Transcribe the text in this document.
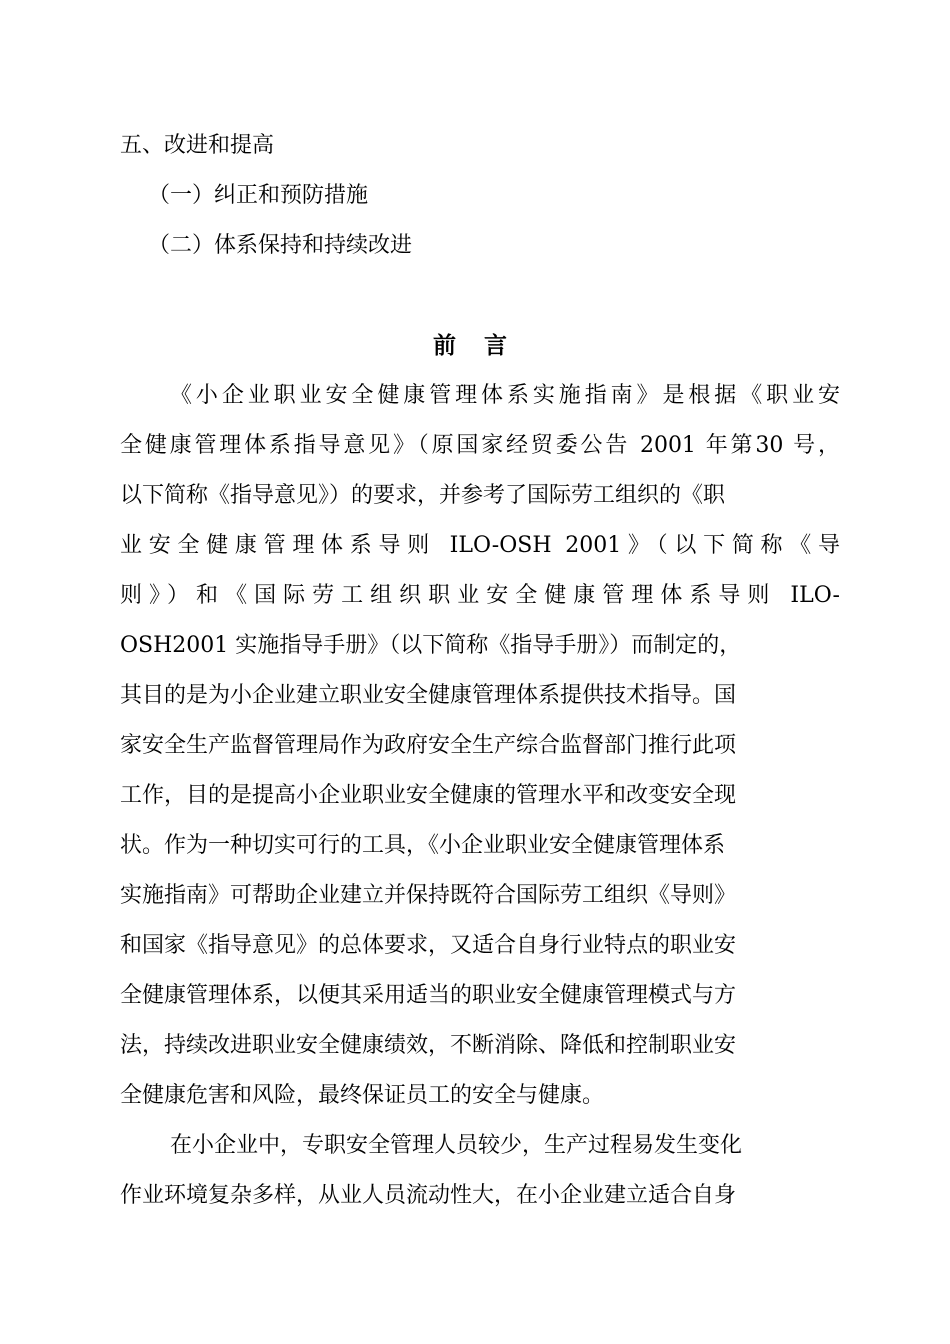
五、改进和提高
（一）纠正和预防措施
（二）体系保持和持续改进
前 言
《小企业职业安全健康管理体系实施指南》是根据《职业安
全健康管理体系指导意见》（原国家经贸委公告 2001 年第30 号，
以下简称《指导意见》）的要求，并参考了国际劳工组织的《职
业安全健康管理体系导则 ILO-OSH 2001》（以下简称《导
则》）和《国际劳工组织职业安全健康管理体系导则 ILO-
OSH2001 实施指导手册》（以下简称《指导手册》）而制定的，
其目的是为小企业建立职业安全健康管理体系提供技术指导。国
家安全生产监督管理局作为政府安全生产综合监督部门推行此项
工作，目的是提高小企业职业安全健康的管理水平和改变安全现
状。作为一种切实可行的工具，《小企业职业安全健康管理体系
实施指南》可帮助企业建立并保持既符合国际劳工组织《导则》
和国家《指导意见》的总体要求，又适合自身行业特点的职业安
全健康管理体系，以便其采用适当的职业安全健康管理模式与方
法，持续改进职业安全健康绩效，不断消除、降低和控制职业安
全健康危害和风险，最终保证员工的安全与健康。
在小企业中，专职安全管理人员较少，生产过程易发生变化
作业环境复杂多样，从业人员流动性大，在小企业建立适合自身
